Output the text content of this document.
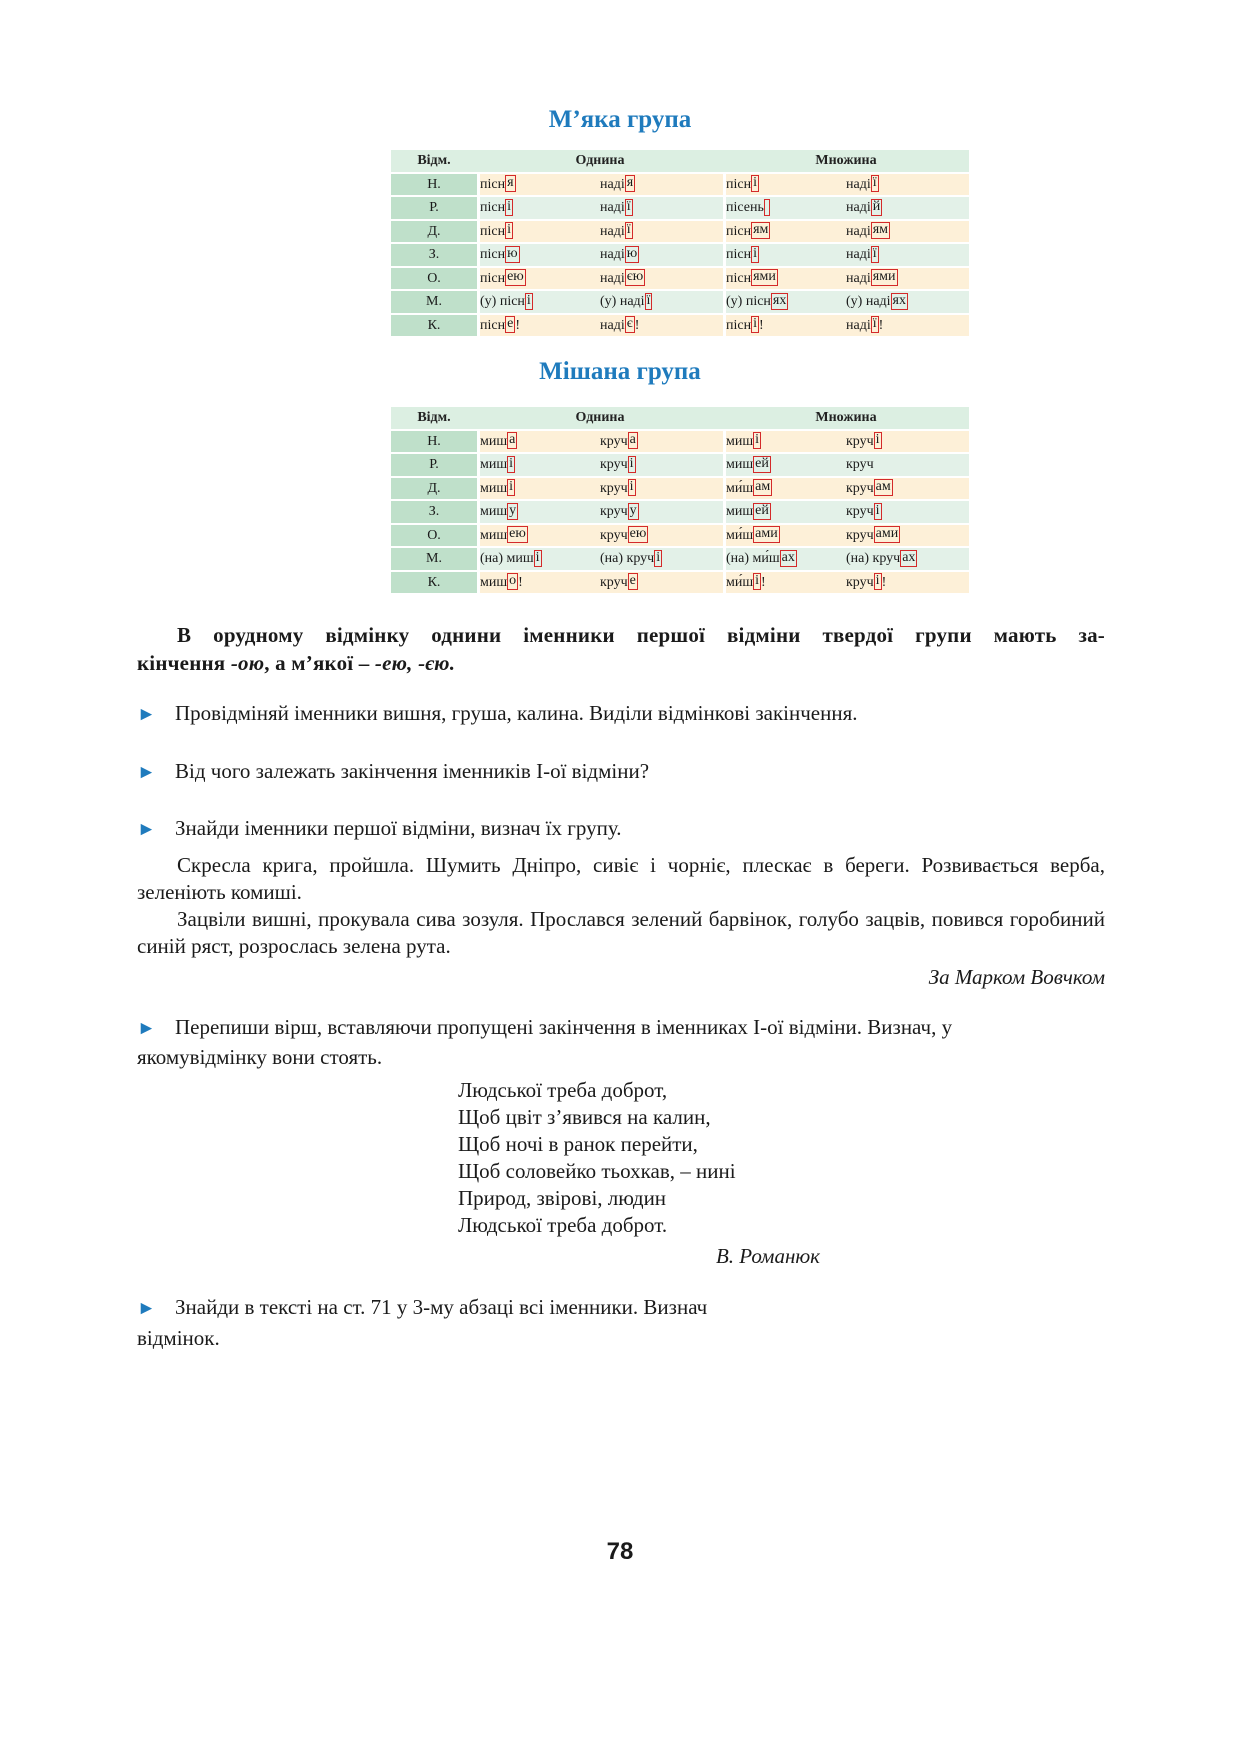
М’яка група
Відм.	Однина		Множина	
Н.	пісн я	наді я	пісн і	наді ї
Р.	пісн і	наді ї	пісень	наді й
Д.	пісн і	наді ї	пісн ям	наді ям
З.	пісн ю	наді ю	пісн і	наді ї
О.	пісн ею	наді єю	пісн ями	наді ями
М.	(у) пісн і	(у) наді ї	(у) пісн ях	(у) наді ях
К.	пісн е !	наді є !	пісн і !	наді ї !
Мішана група
Відм.	Однина		Множина	
Н.	миш а	круч а	миш і	круч і
Р.	миш і	круч і	миш ей	круч
Д.	миш і	круч і	ми́ш ам	круч ам
З.	миш у	круч у	миш ей	круч і
О.	миш ею	круч ею	ми́ш ами	круч ами
М.	(на) миш і	(на) круч і	(на) ми́ш ах	(на) круч ах
К.	миш о !	круч е	ми́ш і !	круч і !
В орудному відмінку однини іменники першої відміни твердої групи мають за-
кінчення -ою, а м’якої – -ею, -єю.
► Провідміняй іменники вишня, груша, калина. Виділи відмінкові закінчення.
► Від чого залежать закінчення іменників І-ої відміни?
► Знайди іменники першої відміни, визнач їх групу.
Скресла крига, пройшла. Шумить Дніпро, сивіє і чорніє, плескає в береги. Розвивається верба, зеленіють комиші.
Зацвіли вишні, прокувала сива зозуля. Прослався зелений барвінок, голубо зацвів, повився горобиний синій ряст, розрослась зелена рута.
За Марком Вовчком
► Перепиши вірш, вставляючи пропущені закінчення в іменниках І-ої відміни. Визнач, у
якомувідмінку вони стоять.
Людської треба доброт,
Щоб цвіт з’явився на калин,
Щоб ночі в ранок перейти,
Щоб соловейко тьохкав, – нині
Природ, звірові, людин
Людської треба доброт.
В. Романюк
► Знайди в тексті на ст. 71 у 3-му абзаці всі іменники. Визнач
відмінок.
78
